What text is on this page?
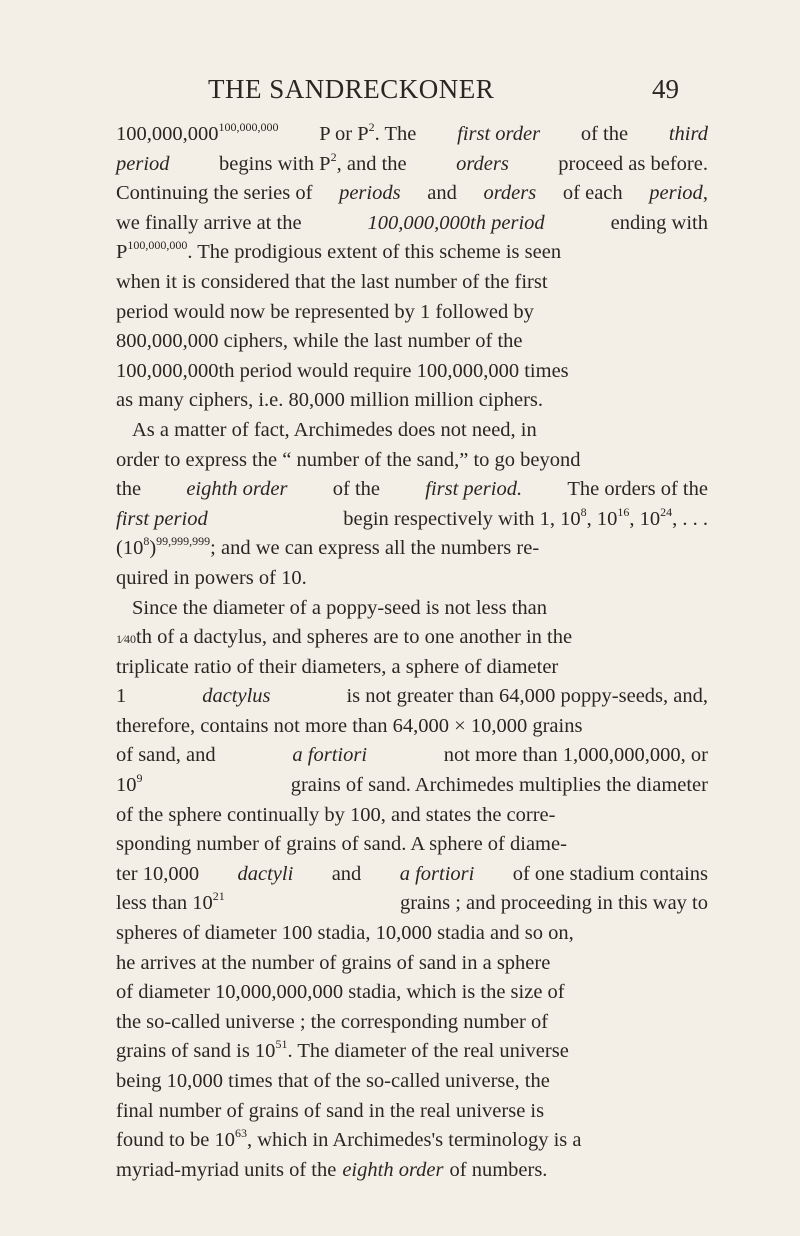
THE SANDRECKONER	49
100,000,000$^{100,000,000}$ P or $P^2$. The first order of the third
period begins with $P^2$, and the orders proceed as before.
Continuing the series of periods and orders of each period,
we finally arrive at the	100,000,000th period	ending with
P$^{100,000,000}$. The prodigious extent of this scheme is seen
when it is considered that the last number of the first
period would now be represented by 1 followed by
800,000,000 ciphers, while the last number of the
100,000,000th period would require 100,000,000 times
as many ciphers, i.e. 80,000 million million ciphers.
As a matter of fact, Archimedes does not need, in
order to express the “ number of the sand,” to go beyond
the eighth order of the first period. The orders of the
first period	begin respectively with 1, $10^8$, $10^{16}$, $10^{24}$, . . .
$(10^8)^{99,999,999}$; and we can express all the numbers re-
quired in powers of 10.
Since the diameter of a poppy-seed is not less than
1⁄40th of a dactylus, and spheres are to one another in the
triplicate ratio of their diameters, a sphere of diameter
1	dactylus	is not greater than 64,000 poppy-seeds, and,
therefore, contains not more than 64,000 × 10,000 grains
of sand, and	a fortiori	not more than 1,000,000,000, or
$10^9$	grains of sand. Archimedes multiplies the diameter
of the sphere continually by 100, and states the corre-
sponding number of grains of sand. A sphere of diame-
ter 10,000 dactyli and a fortiori of one stadium contains
less than $10^{21}$	grains ; and proceeding in this way to
spheres of diameter 100 stadia, 10,000 stadia and so on,
he arrives at the number of grains of sand in a sphere
of diameter 10,000,000,000 stadia, which is the size of
the so-called universe ; the corresponding number of
grains of sand is $10^{51}$. The diameter of the real universe
being 10,000 times that of the so-called universe, the
final number of grains of sand in the real universe is
found to be $10^{63}$, which in Archimedes's terminology is a
myriad-myriad units of the eighth order of numbers.
